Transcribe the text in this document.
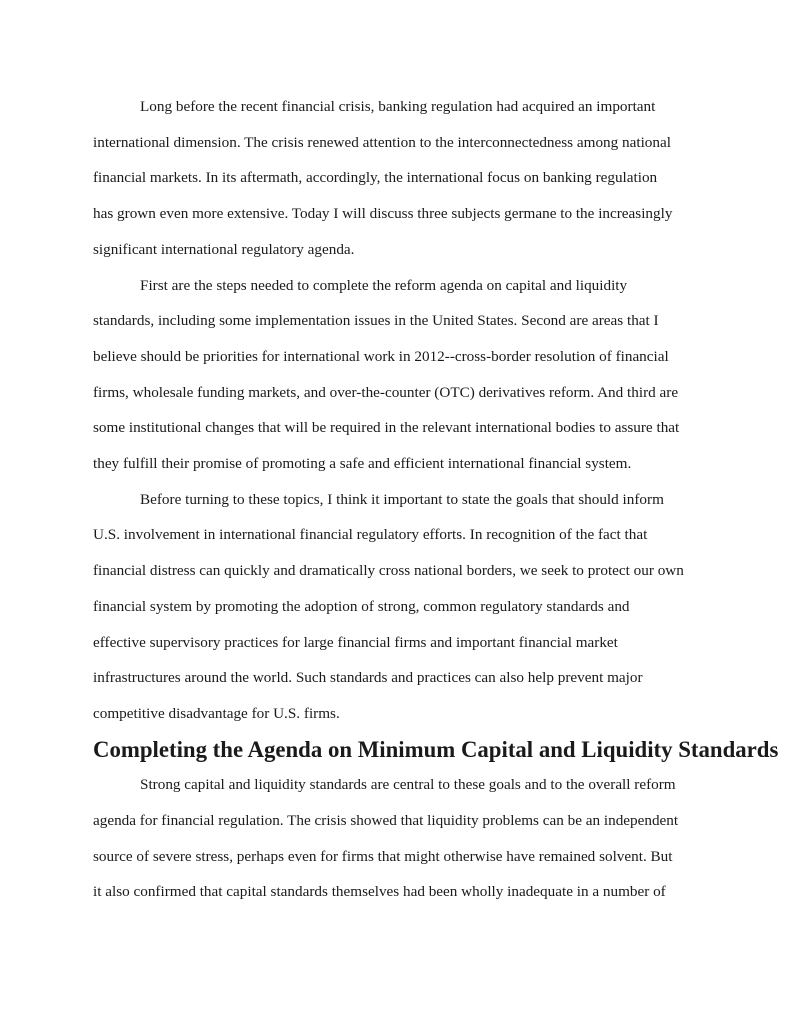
Long before the recent financial crisis, banking regulation had acquired an important
international dimension. The crisis renewed attention to the interconnectedness among national
financial markets. In its aftermath, accordingly, the international focus on banking regulation
has grown even more extensive. Today I will discuss three subjects germane to the increasingly
significant international regulatory agenda.

First are the steps needed to complete the reform agenda on capital and liquidity
standards, including some implementation issues in the United States. Second are areas that I
believe should be priorities for international work in 2012--cross-border resolution of financial
firms, wholesale funding markets, and over-the-counter (OTC) derivatives reform. And third are
some institutional changes that will be required in the relevant international bodies to assure that
they fulfill their promise of promoting a safe and efficient international financial system.

Before turning to these topics, I think it important to state the goals that should inform
U.S. involvement in international financial regulatory efforts. In recognition of the fact that
financial distress can quickly and dramatically cross national borders, we seek to protect our own
financial system by promoting the adoption of strong, common regulatory standards and
effective supervisory practices for large financial firms and important financial market
infrastructures around the world. Such standards and practices can also help prevent major
competitive disadvantage for U.S. firms.

Completing the Agenda on Minimum Capital and Liquidity Standards

Strong capital and liquidity standards are central to these goals and to the overall reform
agenda for financial regulation. The crisis showed that liquidity problems can be an independent
source of severe stress, perhaps even for firms that might otherwise have remained solvent. But
it also confirmed that capital standards themselves had been wholly inadequate in a number of
